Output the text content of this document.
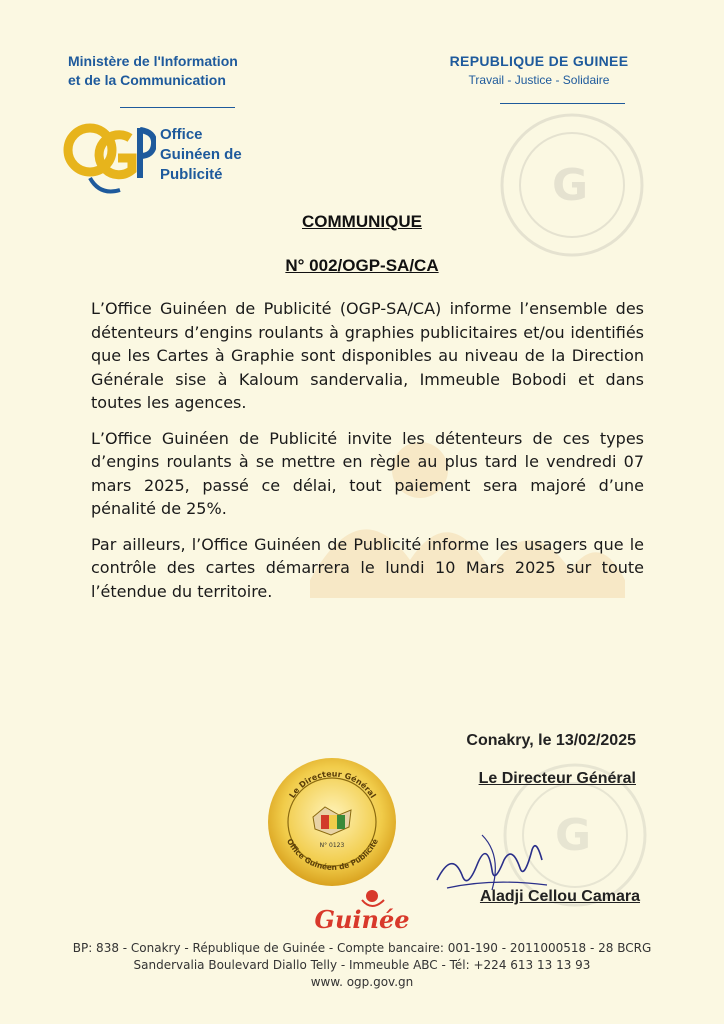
G
G
Ministère de l'Information
et de la Communication
REPUBLIQUE DE GUINEE
Travail - Justice - Solidaire
Office
Guinéen de
Publicité
COMMUNIQUE
N° 002/OGP-SA/CA

L’Office Guinéen de Publicité (OGP-SA/CA) informe l’ensemble des détenteurs d’engins roulants à graphies publicitaires et/ou identifiés que les Cartes à Graphie sont disponibles au niveau de la Direction Générale sise à Kaloum sandervalia, Immeuble Bobodi et dans toutes les agences.

L’Office Guinéen de Publicité invite les détenteurs de ces types d’engins roulants à se mettre en règle au plus tard le vendredi 07 mars 2025, passé ce délai, tout paiement sera majoré d’une pénalité de 25%.

Par ailleurs, l’Office Guinéen de Publicité informe les usagers que le contrôle des cartes démarrera le lundi 10 Mars 2025 sur toute l’étendue du territoire.

Conakry, le 13/02/2025
Le Directeur Général
Le Directeur Général
Office Guinéen de Publicité
N° 0123
Aladji Cellou Camara
Guinée
BP: 838 - Conakry - République de Guinée - Compte bancaire: 001-190 - 2011000518 - 28 BCRG
Sandervalia Boulevard Diallo Telly - Immeuble ABC - Tél: +224 613 13 13 93
www. ogp.gov.gn
